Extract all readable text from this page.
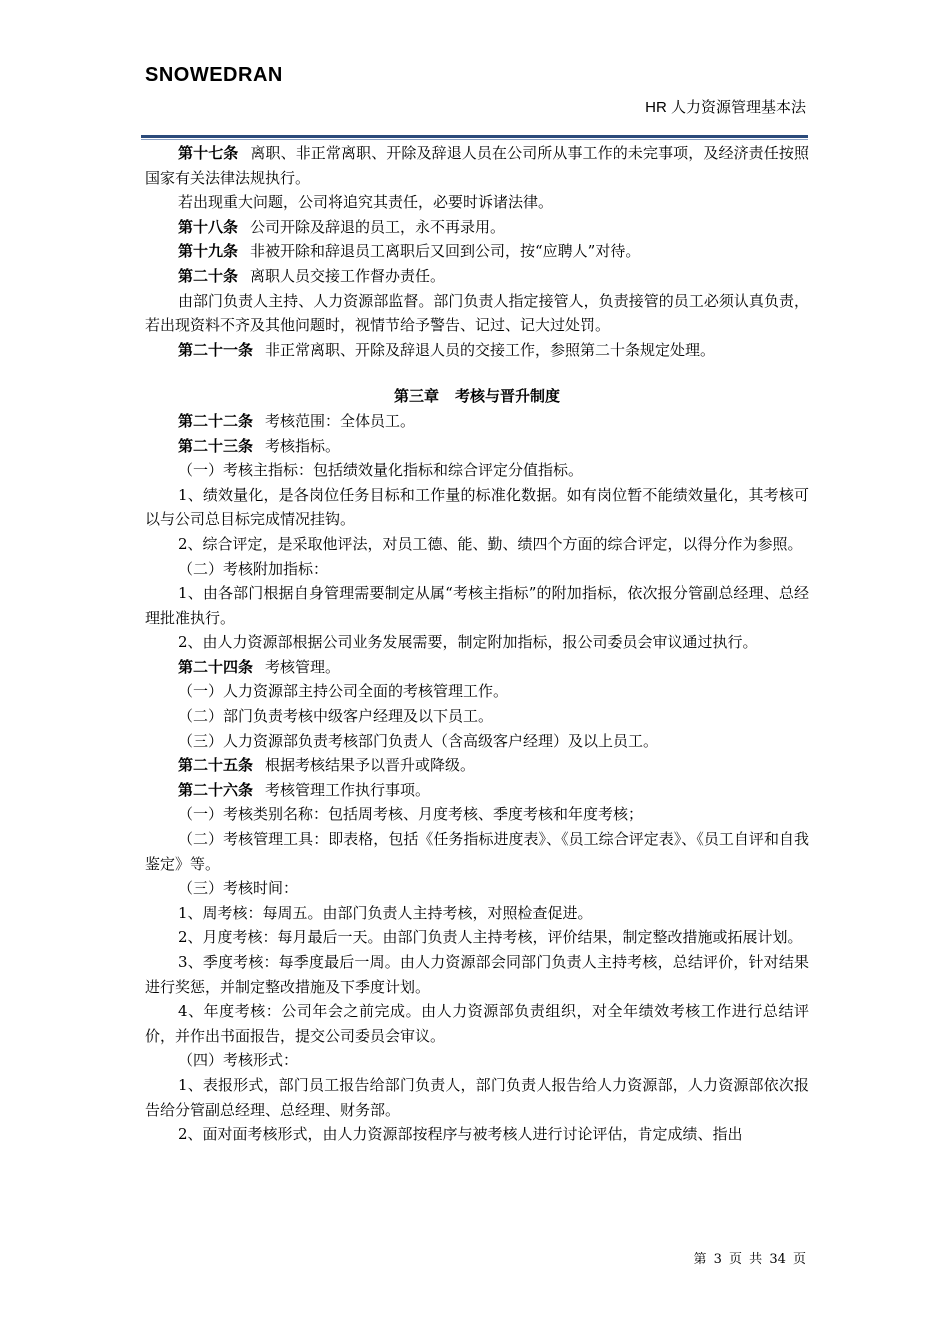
SNOWEDRAN
HR 人力资源管理基本法

第十七条 离职、非正常离职、开除及辞退人员在公司所从事工作的未完事项，及经济责任按照国家有关法律法规执行。

若出现重大问题，公司将追究其责任，必要时诉诸法律。

第十八条 公司开除及辞退的员工，永不再录用。

第十九条 非被开除和辞退员工离职后又回到公司，按“应聘人”对待。

第二十条 离职人员交接工作督办责任。

由部门负责人主持、人力资源部监督。部门负责人指定接管人，负责接管的员工必须认真负责，若出现资料不齐及其他问题时，视情节给予警告、记过、记大过处罚。

第二十一条 非正常离职、开除及辞退人员的交接工作，参照第二十条规定处理。

第三章 考核与晋升制度

第二十二条 考核范围：全体员工。

第二十三条 考核指标。

（一）考核主指标：包括绩效量化指标和综合评定分值指标。

1、绩效量化，是各岗位任务目标和工作量的标准化数据。如有岗位暂不能绩效量化，其考核可以与公司总目标完成情况挂钩。

2、综合评定，是采取他评法，对员工德、能、勤、绩四个方面的综合评定，以得分作为参照。

（二）考核附加指标：

1、由各部门根据自身管理需要制定从属“考核主指标”的附加指标，依次报分管副总经理、总经理批准执行。

2、由人力资源部根据公司业务发展需要，制定附加指标，报公司委员会审议通过执行。

第二十四条 考核管理。

（一）人力资源部主持公司全面的考核管理工作。

（二）部门负责考核中级客户经理及以下员工。

（三）人力资源部负责考核部门负责人（含高级客户经理）及以上员工。

第二十五条 根据考核结果予以晋升或降级。

第二十六条 考核管理工作执行事项。

（一）考核类别名称：包括周考核、月度考核、季度考核和年度考核；

（二）考核管理工具：即表格，包括《任务指标进度表》、《员工综合评定表》、《员工自评和自我鉴定》等。

（三）考核时间：

1、周考核：每周五。由部门负责人主持考核，对照检查促进。

2、月度考核：每月最后一天。由部门负责人主持考核，评价结果，制定整改措施或拓展计划。

3、季度考核：每季度最后一周。由人力资源部会同部门负责人主持考核，总结评价，针对结果进行奖惩，并制定整改措施及下季度计划。

4、年度考核：公司年会之前完成。由人力资源部负责组织，对全年绩效考核工作进行总结评价，并作出书面报告，提交公司委员会审议。

（四）考核形式：

1、表报形式，部门员工报告给部门负责人，部门负责人报告给人力资源部，人力资源部依次报告给分管副总经理、总经理、财务部。

2、面对面考核形式，由人力资源部按程序与被考核人进行讨论评估，肯定成绩、指出

第 3 页 共 34 页
